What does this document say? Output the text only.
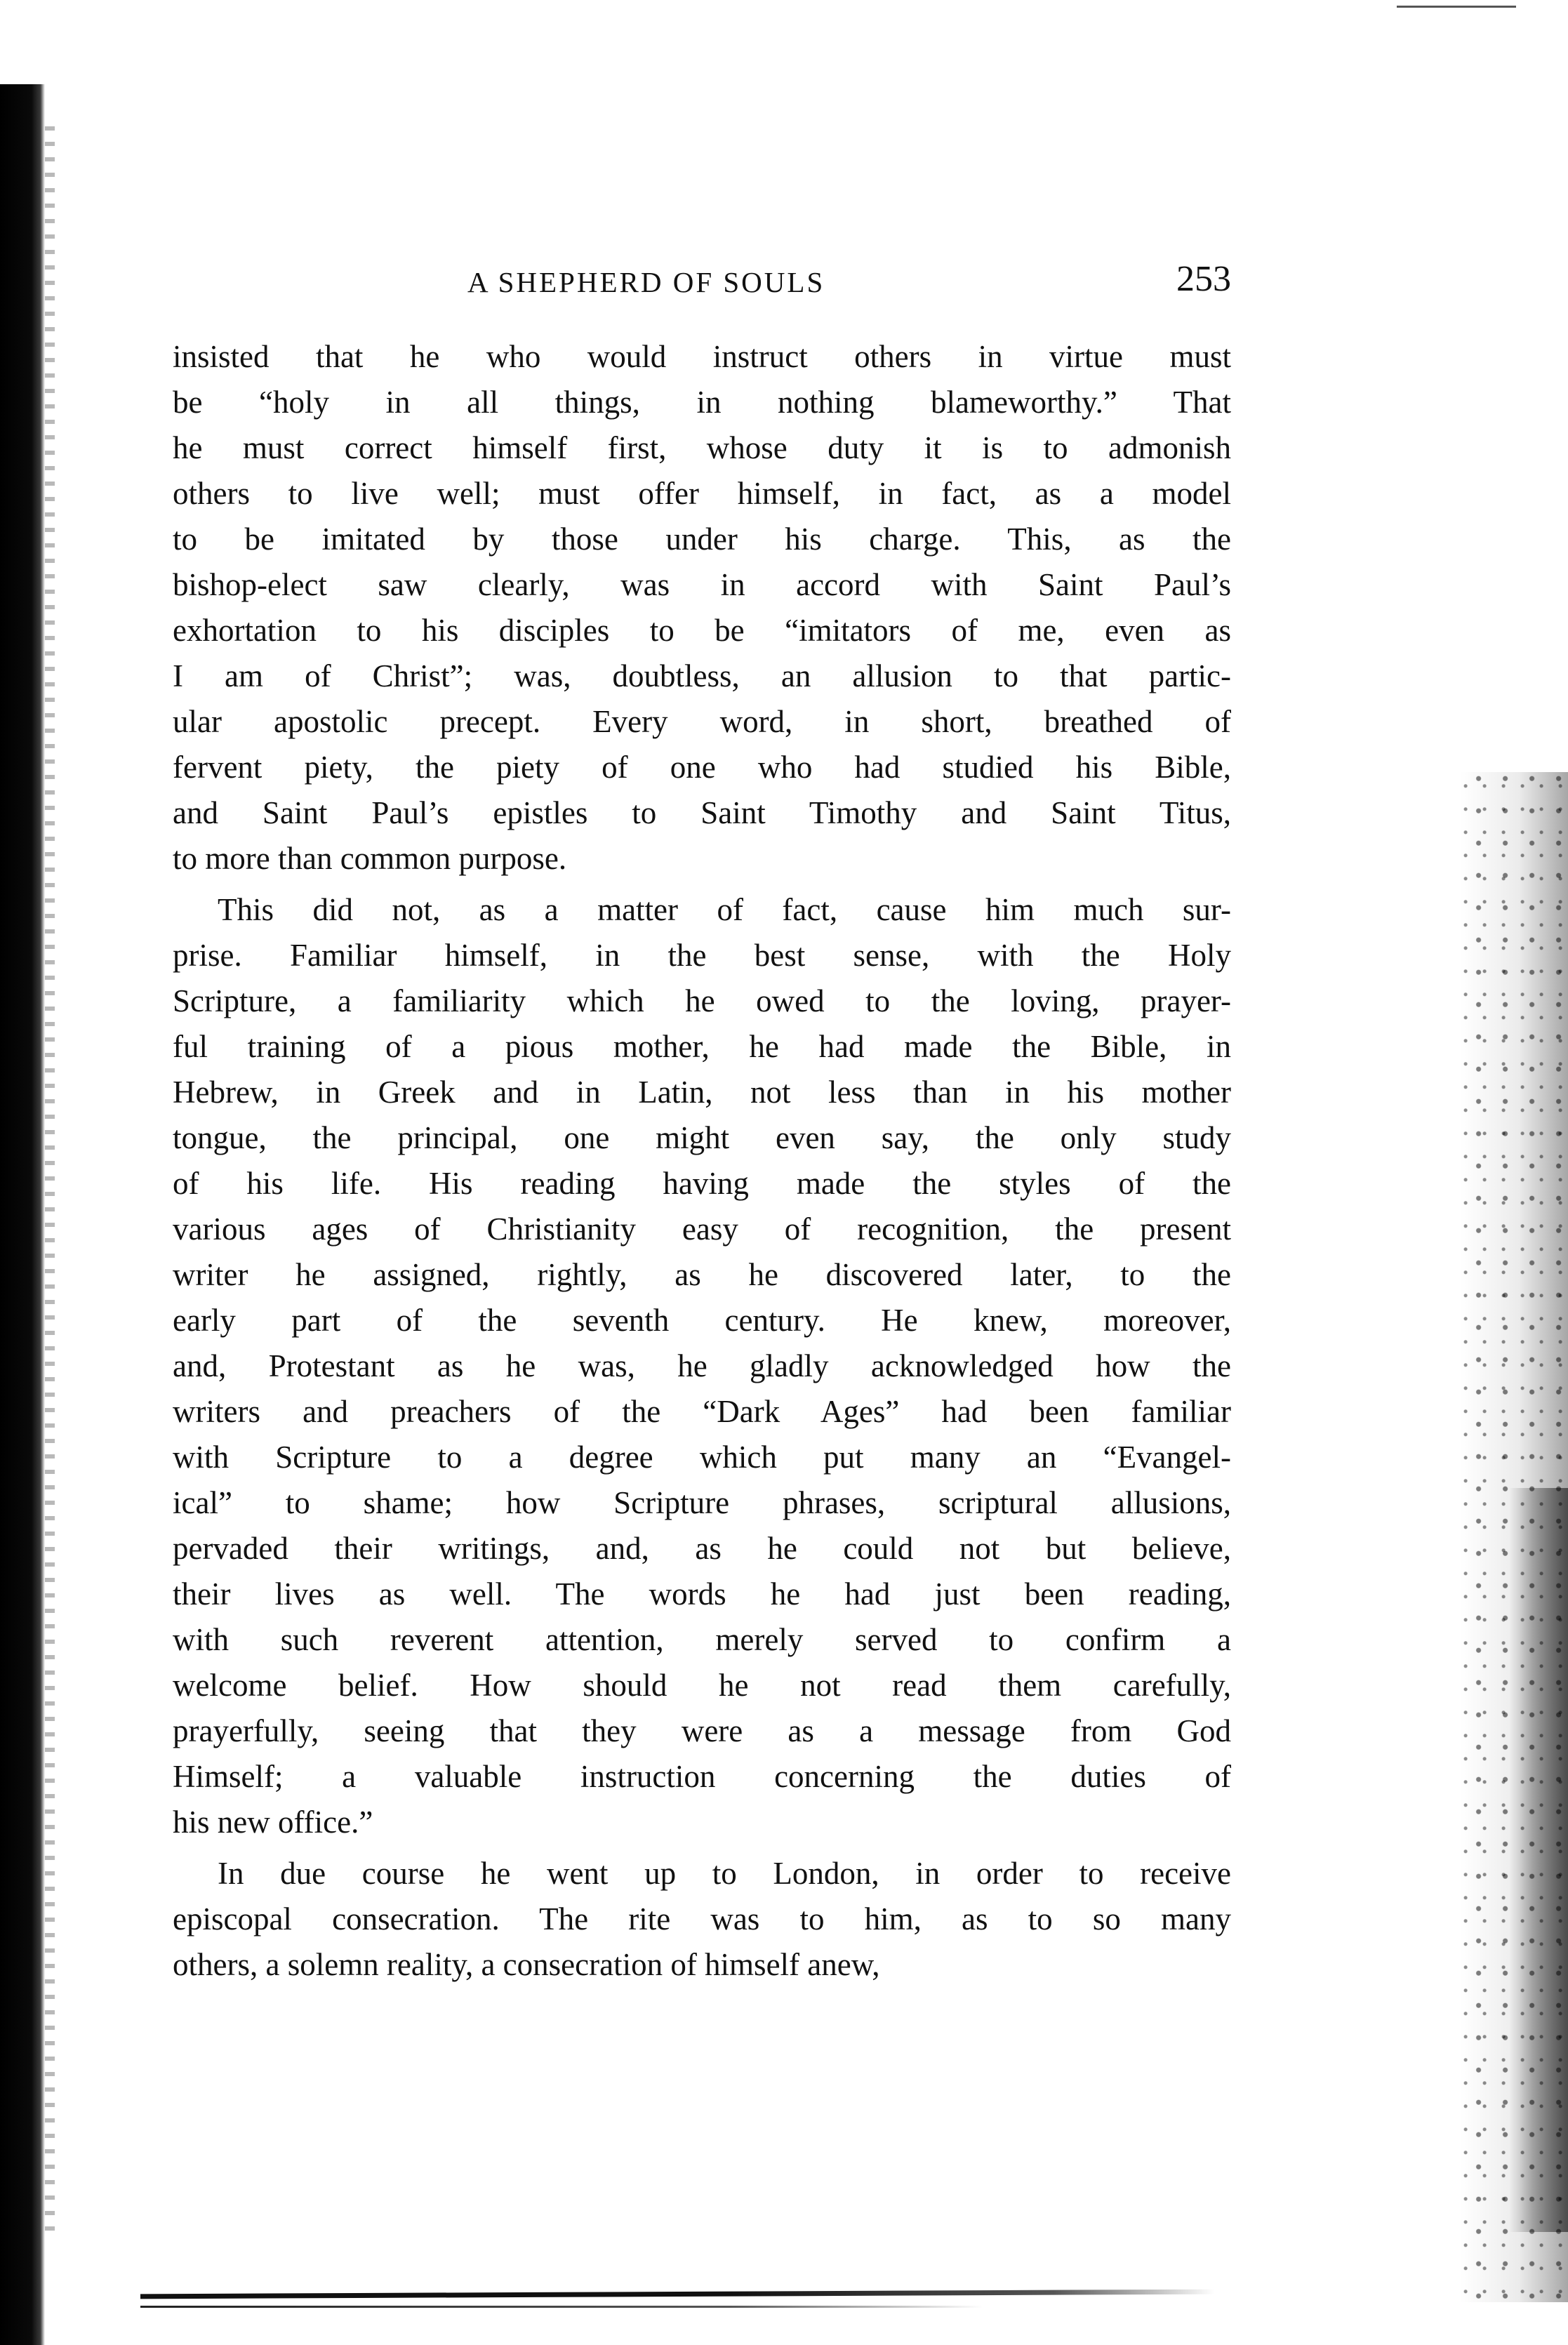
A SHEPHERD OF SOULS	253
insisted that he who would instruct others in virtue must
be “holy in all things, in nothing blameworthy.” That
he must correct himself first, whose duty it is to admonish
others to live well; must offer himself, in fact, as a model
to be imitated by those under his charge. This, as the
bishop-elect saw clearly, was in accord with Saint Paul’s
exhortation to his disciples to be “imitators of me, even as
I am of Christ”; was, doubtless, an allusion to that partic-
ular apostolic precept. Every word, in short, breathed of
fervent piety, the piety of one who had studied his Bible,
and Saint Paul’s epistles to Saint Timothy and Saint Titus,
to more than common purpose.
This did not, as a matter of fact, cause him much sur-
prise. Familiar himself, in the best sense, with the Holy
Scripture, a familiarity which he owed to the loving, prayer-
ful training of a pious mother, he had made the Bible, in
Hebrew, in Greek and in Latin, not less than in his mother
tongue, the principal, one might even say, the only study
of his life. His reading having made the styles of the
various ages of Christianity easy of recognition, the present
writer he assigned, rightly, as he discovered later, to the
early part of the seventh century. He knew, moreover,
and, Protestant as he was, he gladly acknowledged how the
writers and preachers of the “Dark Ages” had been familiar
with Scripture to a degree which put many an “Evangel-
ical” to shame; how Scripture phrases, scriptural allusions,
pervaded their writings, and, as he could not but believe,
their lives as well. The words he had just been reading,
with such reverent attention, merely served to confirm a
welcome belief. How should he not read them carefully,
prayerfully, seeing that they were as a message from God
Himself; a valuable instruction concerning the duties of
his new office.”
In due course he went up to London, in order to receive
episcopal consecration. The rite was to him, as to so many
others, a solemn reality, a consecration of himself anew,
